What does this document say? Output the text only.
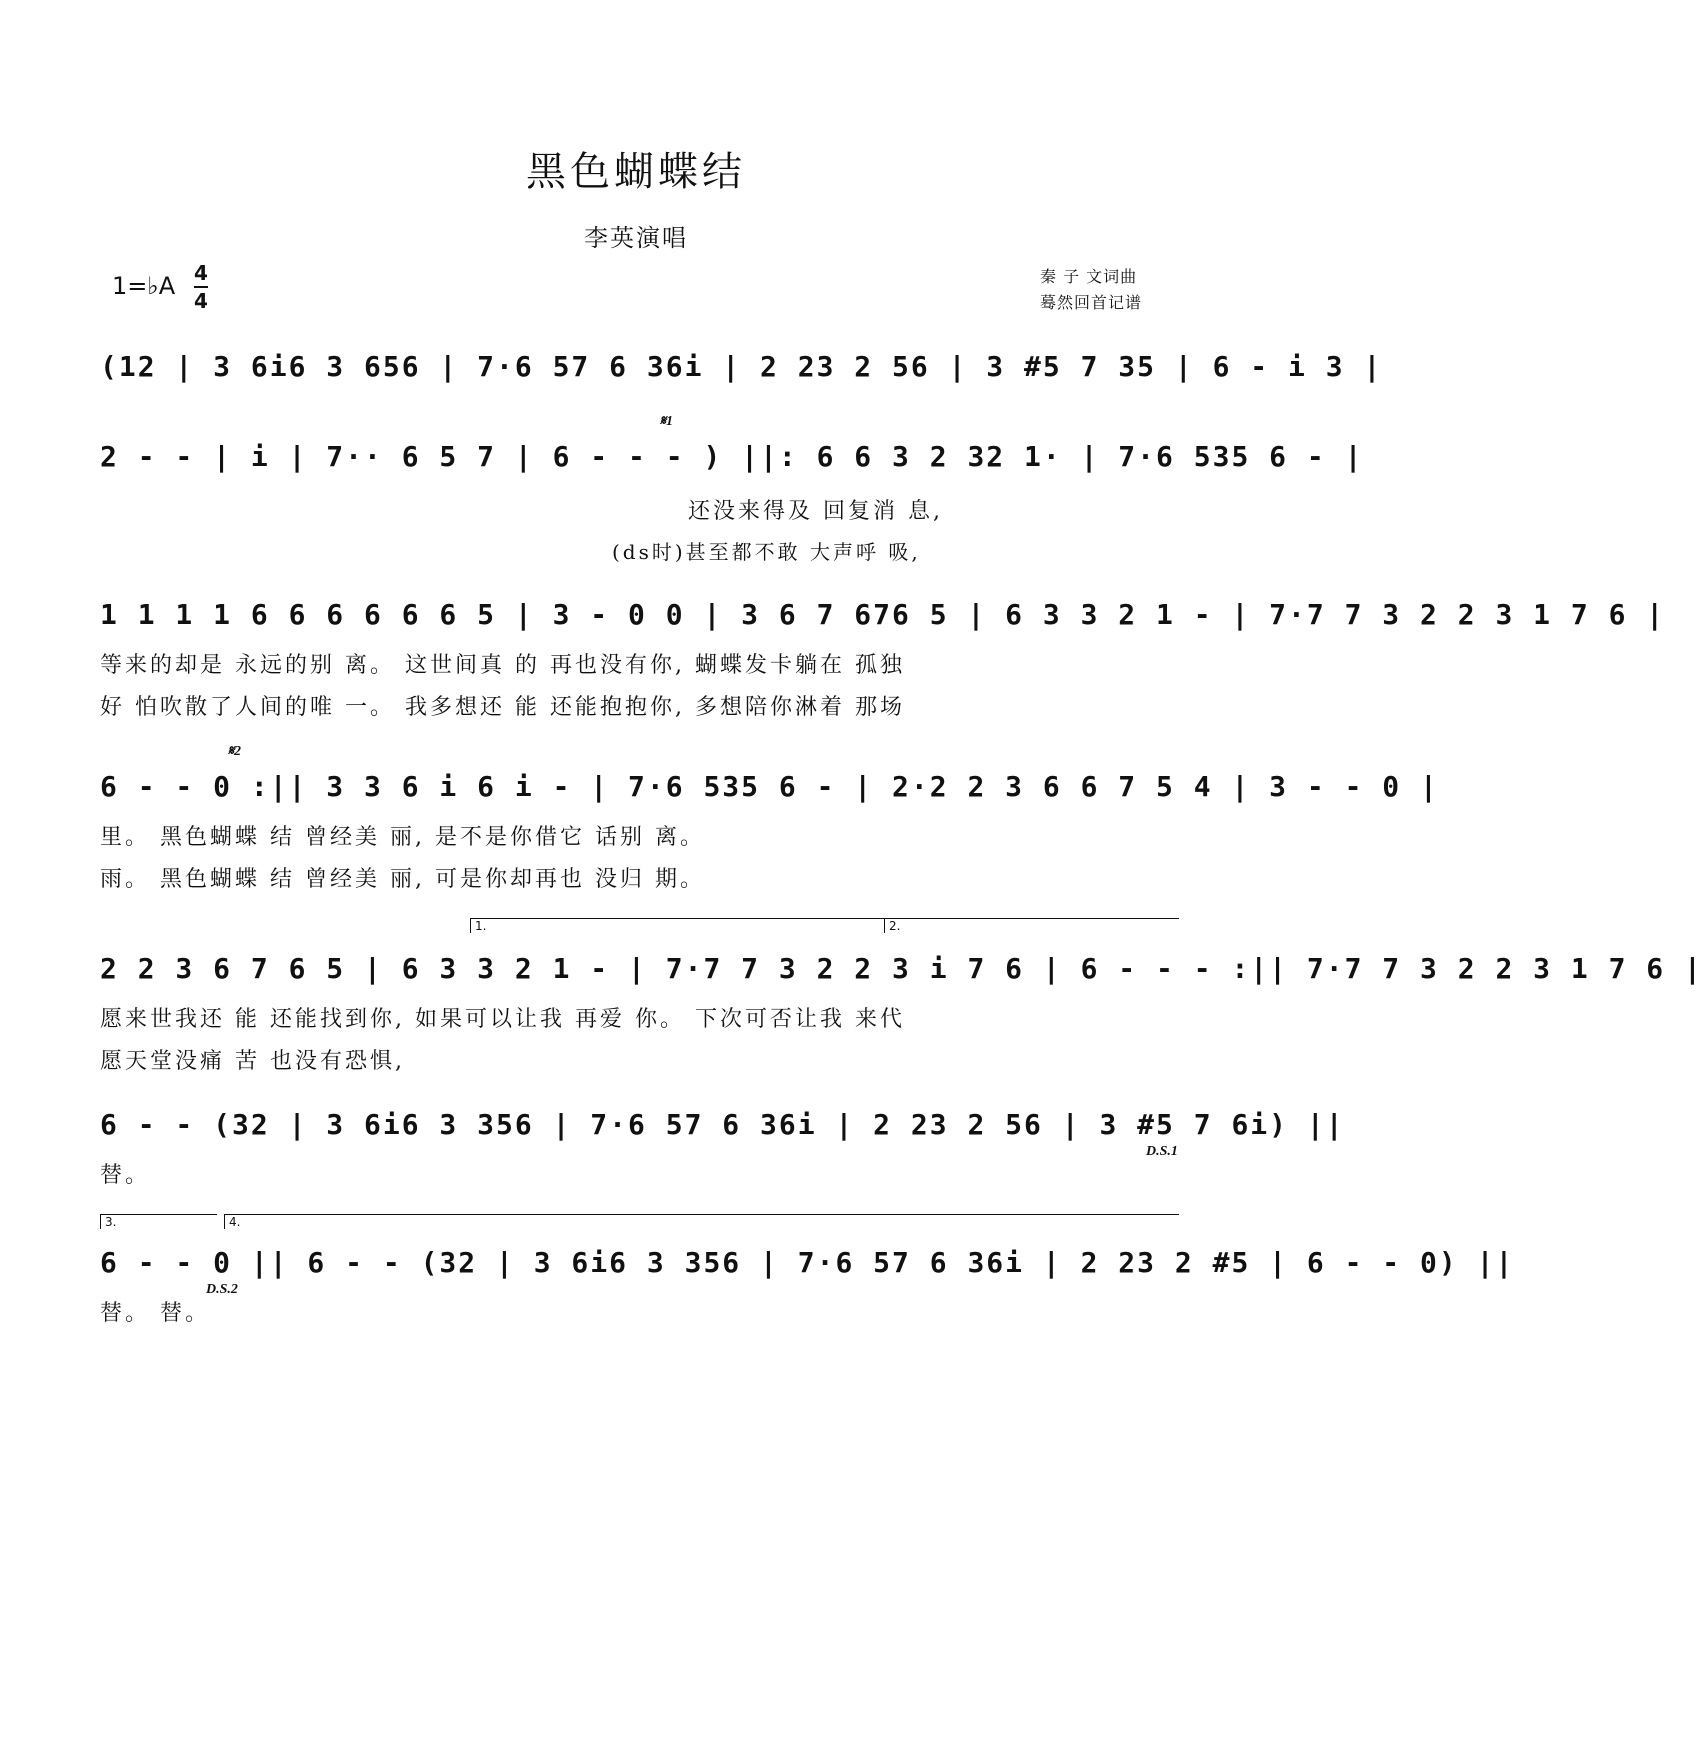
黑色蝴蝶结
李英演唱
1=♭A 4
4
秦 子 文词曲
蓦然回首记谱
(12 | 3 6i6 3 656 | 7·6 57 6 36i | 2 23 2 56 | 3 #5 7 35 | 6 - i 3 |
𝄋1
2 - - | i | 7·· 6 5 7 | 6 - - - ) ||: 6 6 3 2 32 1· | 7·6 535 6 - |
还没来得及 回复消 息,
(ds时)甚至都不敢 大声呼 吸,
1 1 1 1 6 6 6 6 6 6 5 | 3 - 0 0 | 3 6 7 676 5 | 6 3 3 2 1 - | 7·7 7 3 2 2 3 1 7 6 |
等来的却是 永远的别 离。 这世间真 的 再也没有你, 蝴蝶发卡躺在 孤独
好 怕吹散了人间的唯 一。 我多想还 能 还能抱抱你, 多想陪你淋着 那场
𝄋2
6 - - 0 :|| 3 3 6 i 6 i - | 7·6 535 6 - | 2·2 2 3 6 6 7 5 4 | 3 - - 0 |
里。 黑色蝴蝶 结 曾经美 丽, 是不是你借它 话别 离。
雨。 黑色蝴蝶 结 曾经美 丽, 可是你却再也 没归 期。
1.	2.
2 2 3 6 7 6 5 | 6 3 3 2 1 - | 7·7 7 3 2 2 3 i 7 6 | 6 - - - :|| 7·7 7 3 2 2 3 1 7 6 |
愿来世我还 能 还能找到你, 如果可以让我 再爱 你。 下次可否让我 来代
愿天堂没痛 苦 也没有恐惧,
6 - - (32 | 3 6i6 3 356 | 7·6 57 6 36i | 2 23 2 56 | 3 #5 7 6i) ||
D.S.1
替。
3.	4.
6 - - 0 || 6 - - (32 | 3 6i6 3 356 | 7·6 57 6 36i | 2 23 2 #5 | 6 - - 0) ||
D.S.2
替。 替。
